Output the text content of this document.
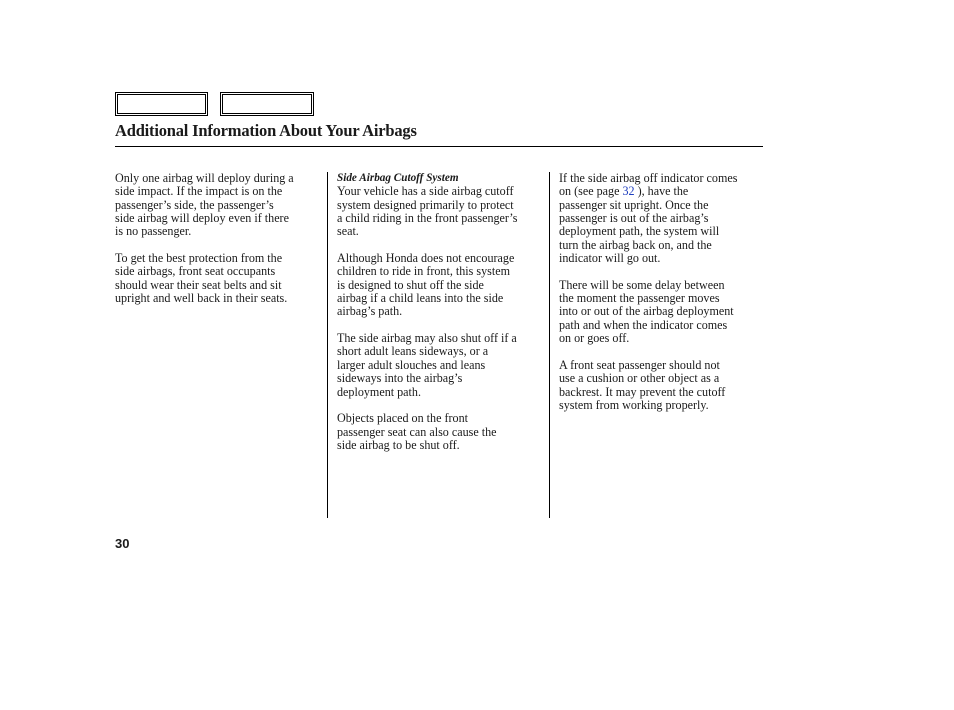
Additional Information About Your Airbags

Only one airbag will deploy during a
side impact. If the impact is on the
passenger’s side, the passenger’s
side airbag will deploy even if there
is no passenger.

To get the best protection from the
side airbags, front seat occupants
should wear their seat belts and sit
upright and well back in their seats.

Side Airbag Cutoff System

Your vehicle has a side airbag cutoff
system designed primarily to protect
a child riding in the front passenger’s
seat.

Although Honda does not encourage
children to ride in front, this system
is designed to shut off the side
airbag if a child leans into the side
airbag’s path.

The side airbag may also shut off if a
short adult leans sideways, or a
larger adult slouches and leans
sideways into the airbag’s
deployment path.

Objects placed on the front
passenger seat can also cause the
side airbag to be shut off.

If the side airbag off indicator comes
on (see page 32 ), have the
passenger sit upright. Once the
passenger is out of the airbag’s
deployment path, the system will
turn the airbag back on, and the
indicator will go out.

There will be some delay between
the moment the passenger moves
into or out of the airbag deployment
path and when the indicator comes
on or goes off.

A front seat passenger should not
use a cushion or other object as a
backrest. It may prevent the cutoff
system from working properly.

30
